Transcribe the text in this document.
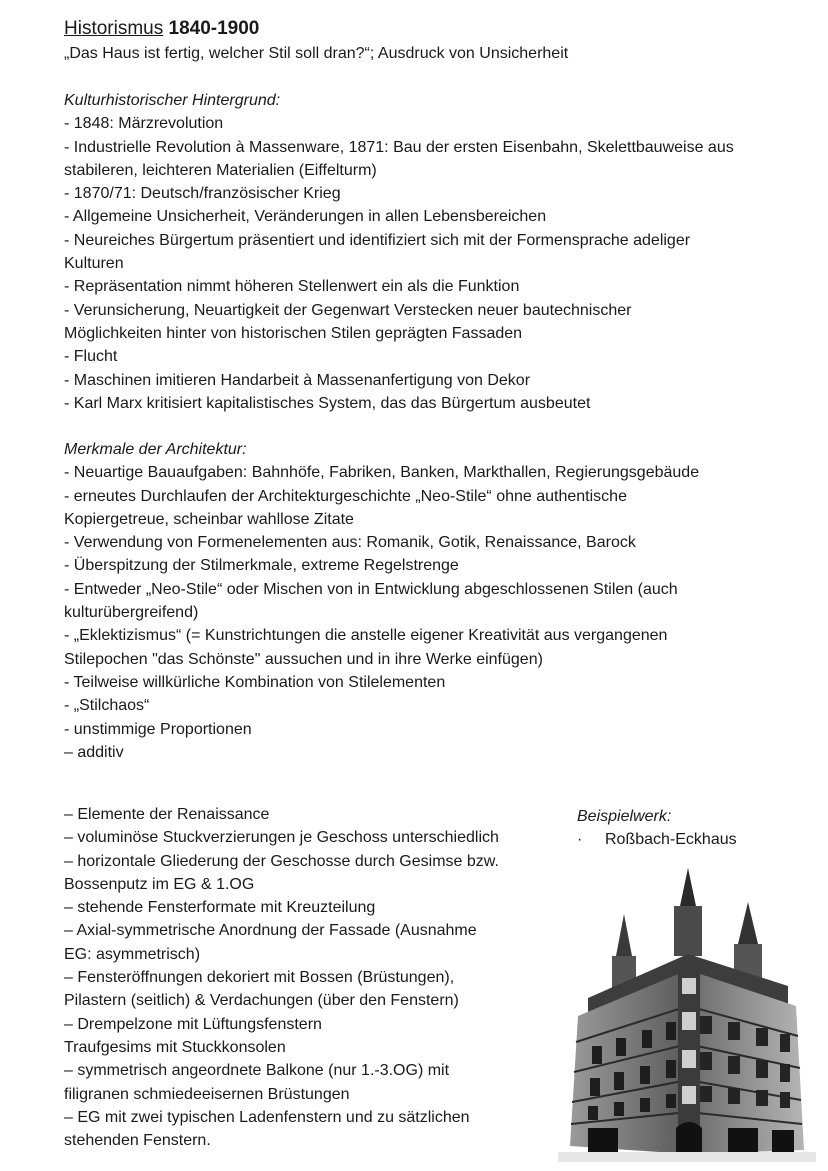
Historismus 1840-1900

„Das Haus ist fertig, welcher Stil soll dran?“; Ausdruck von Unsicherheit

Kulturhistorischer Hintergrund:

- 1848: Märzrevolution

- Industrielle Revolution à Massenware, 1871: Bau der ersten Eisenbahn, Skelettbauweise aus

stabileren, leichteren Materialien (Eiffelturm)

- 1870/71: Deutsch/französischer Krieg

- Allgemeine Unsicherheit, Veränderungen in allen Lebensbereichen

- Neureiches Bürgertum präsentiert und identifiziert sich mit der Formensprache adeliger

Kulturen

- Repräsentation nimmt höheren Stellenwert ein als die Funktion

- Verunsicherung, Neuartigkeit der Gegenwart Verstecken neuer bautechnischer

Möglichkeiten hinter von historischen Stilen geprägten Fassaden

- Flucht

- Maschinen imitieren Handarbeit à Massenanfertigung von Dekor

- Karl Marx kritisiert kapitalistisches System, das das Bürgertum ausbeutet

Merkmale der Architektur:

- Neuartige Bauaufgaben: Bahnhöfe, Fabriken, Banken, Markthallen, Regierungsgebäude

- erneutes Durchlaufen der Architekturgeschichte „Neo-Stile“ ohne authentische

Kopiergetreue, scheinbar wahllose Zitate

- Verwendung von Formenelementen aus: Romanik, Gotik, Renaissance, Barock

- Überspitzung der Stilmerkmale, extreme Regelstrenge

- Entweder „Neo-Stile“ oder Mischen von in Entwicklung abgeschlossenen Stilen (auch

kulturübergreifend)

- „Eklektizismus“ (= Kunstrichtungen die anstelle eigener Kreativität aus vergangenen

Stilepochen "das Schönste" aussuchen und in ihre Werke einfügen)

- Teilweise willkürliche Kombination von Stilelementen

- „Stilchaos“

- unstimmige Proportionen

– additiv

– Elemente der Renaissance

– voluminöse Stuckverzierungen je Geschoss unterschiedlich

– horizontale Gliederung der Geschosse durch Gesimse bzw.

Bossenputz im EG & 1.OG

– stehende Fensterformate mit Kreuzteilung

– Axial-symmetrische Anordnung der Fassade (Ausnahme

EG: asymmetrisch)

– Fensteröffnungen dekoriert mit Bossen (Brüstungen),

Pilastern (seitlich) & Verdachungen (über den Fenstern)

– Drempelzone mit Lüftungsfenstern

Traufgesims mit Stuckkonsolen

– symmetrisch angeordnete Balkone (nur 1.-3.OG) mit

filigranen schmiedeeisernen Brüstungen

– EG mit zwei typischen Ladenfenstern und zu sätzlichen

stehenden Fenstern.

Beispielwerk:
· Roßbach-Eckhaus
